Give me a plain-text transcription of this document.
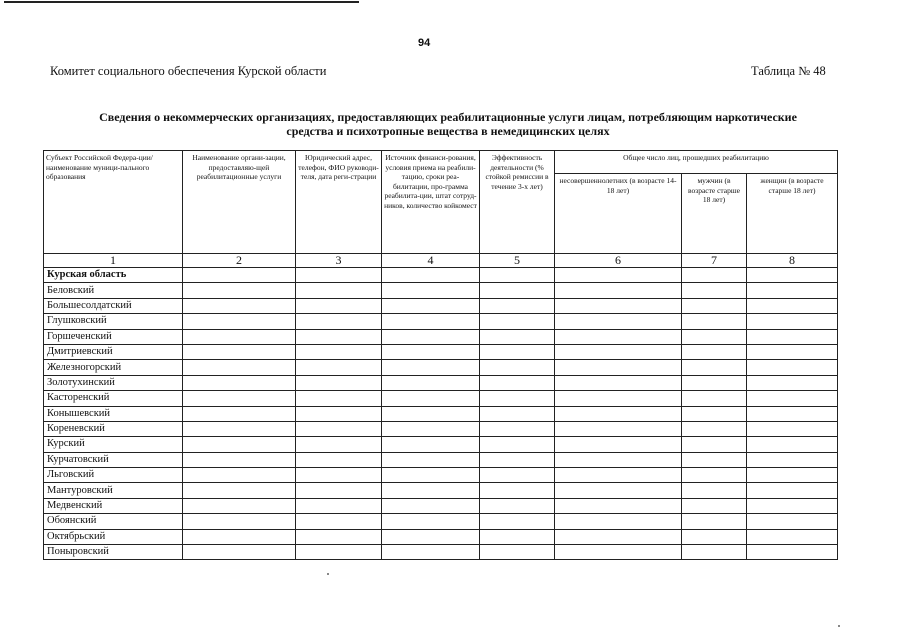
94
Комитет социального обеспечения Курской области	Таблица № 48
Сведения о некоммерческих организациях, предоставляющих реабилитационные услуги лицам, потребляющим наркотические
средства и психотропные вещества в немедицинских целях
Субъект Российской Федера-ции/наименование муници-пального образования	Наименование органи-зации, предоставляю-щей реабилитационные услуги	Юридический адрес, телефон, ФИО руководи-теля, дата реги-страции	Источник финанси-рования, условия приема на реабили-тацию, сроки реа-билитации, про-грамма реабилита-ции, штат сотруд-ников, количество койкомест	Эффективность деятельности (% стойкой ремиссии в течение 3-х лет)	Общее число лиц, прошедших реабилитацию		
					несовершеннолетних (в возрасте 14-18 лет)	мужчин (в возрасте старше 18 лет)	женщин (в возрасте старше 18 лет)
1	2	3	4	5	6	7	8
Курская область							
Беловский							
Большесолдатский							
Глушковский							
Горшеченский							
Дмитриевский							
Железногорский							
Золотухинский							
Касторенский							
Конышевский							
Кореневский							
Курский							
Курчатовский							
Льговский							
Мантуровский							
Медвенский							
Обоянский							
Октябрьский							
Поныровский							
